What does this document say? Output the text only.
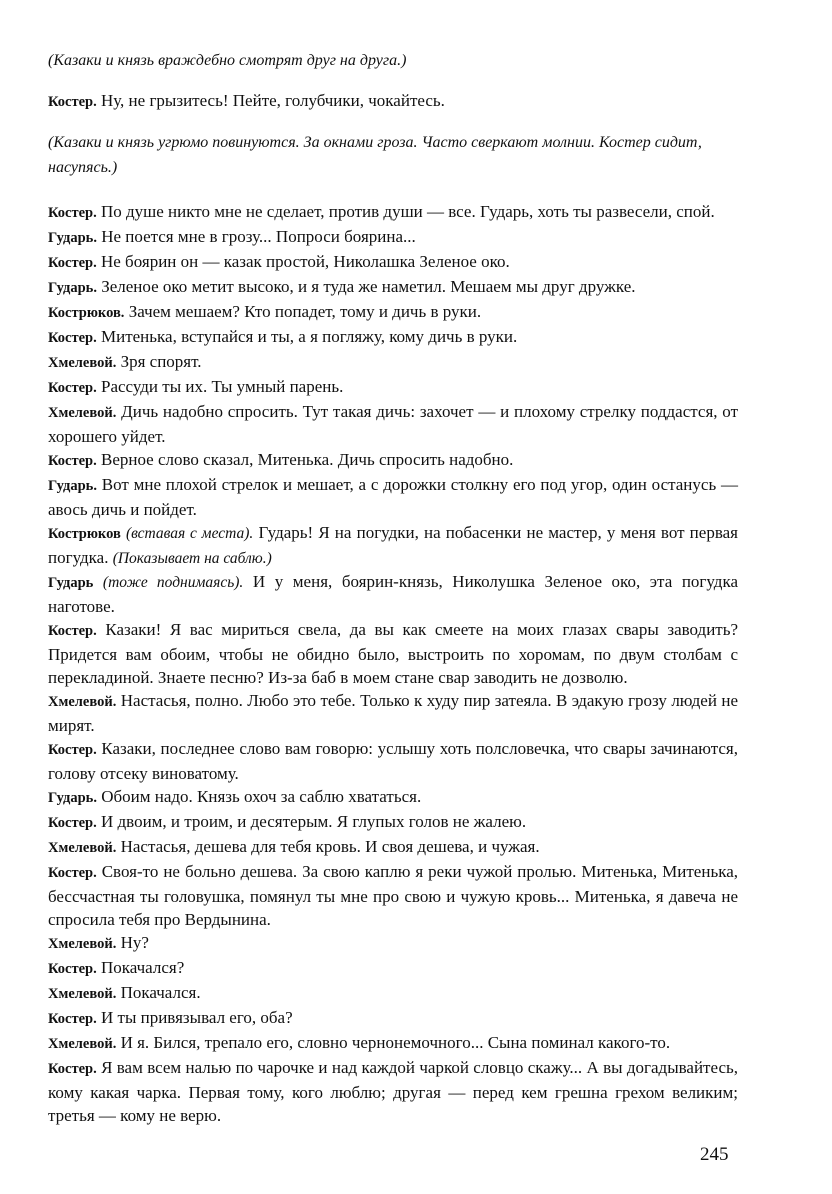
(Казаки и князь враждебно смотрят друг на друга.)

Костер. Ну, не грызитесь! Пейте, голубчики, чокайтесь.

(Казаки и князь угрюмо повинуются. За окнами гроза. Часто сверкают молнии. Костер сидит, насупясь.)

Костер. По душе никто мне не сделает, против души — все. Гударь, хоть ты развесели, спой.

Гударь. Не поется мне в грозу... Попроси боярина...

Костер. Не боярин он — казак простой, Николашка Зеленое око.

Гударь. Зеленое око метит высоко, и я туда же наметил. Мешаем мы друг дружке.

Кострюков. Зачем мешаем? Кто попадет, тому и дичь в руки.

Костер. Митенька, вступайся и ты, а я погляжу, кому дичь в руки.

Хмелевой. Зря спорят.

Костер. Рассуди ты их. Ты умный парень.

Хмелевой. Дичь надобно спросить. Тут такая дичь: захочет — и плохому стрелку поддастся, от хорошего уйдет.

Костер. Верное слово сказал, Митенька. Дичь спросить надобно.

Гударь. Вот мне плохой стрелок и мешает, а с дорожки столкну его под угор, один останусь — авось дичь и пойдет.

Кострюков (вставая с места). Гударь! Я на погудки, на побасенки не мастер, у меня вот первая погудка. (Показывает на саблю.)

Гударь (тоже поднимаясь). И у меня, боярин-князь, Николушка Зеленое око, эта погудка наготове.

Костер. Казаки! Я вас мириться свела, да вы как смеете на моих глазах свары заводить? Придется вам обоим, чтобы не обидно было, выстроить по хоромам, по двум столбам с перекладиной. Знаете песню? Из-за баб в моем стане свар заводить не дозволю.

Хмелевой. Настасья, полно. Любо это тебе. Только к худу пир затеяла. В эдакую грозу людей не мирят.

Костер. Казаки, последнее слово вам говорю: услышу хоть полсловечка, что свары зачинаются, голову отсеку виноватому.

Гударь. Обоим надо. Князь охоч за саблю хвататься.

Костер. И двоим, и троим, и десятерым. Я глупых голов не жалею.

Хмелевой. Настасья, дешева для тебя кровь. И своя дешева, и чужая.

Костер. Своя-то не больно дешева. За свою каплю я реки чужой пролью. Митенька, Митенька, бессчастная ты головушка, помянул ты мне про свою и чужую кровь... Митенька, я давеча не спросила тебя про Вердынина.

Хмелевой. Ну?

Костер. Покачался?

Хмелевой. Покачался.

Костер. И ты привязывал его, оба?

Хмелевой. И я. Бился, трепало его, словно чернонемочного... Сына поминал какого-то.

Костер. Я вам всем налью по чарочке и над каждой чаркой словцо скажу... А вы догадывайтесь, кому какая чарка. Первая тому, кого люблю; другая — перед кем грешна грехом великим; третья — кому не верю.

245
